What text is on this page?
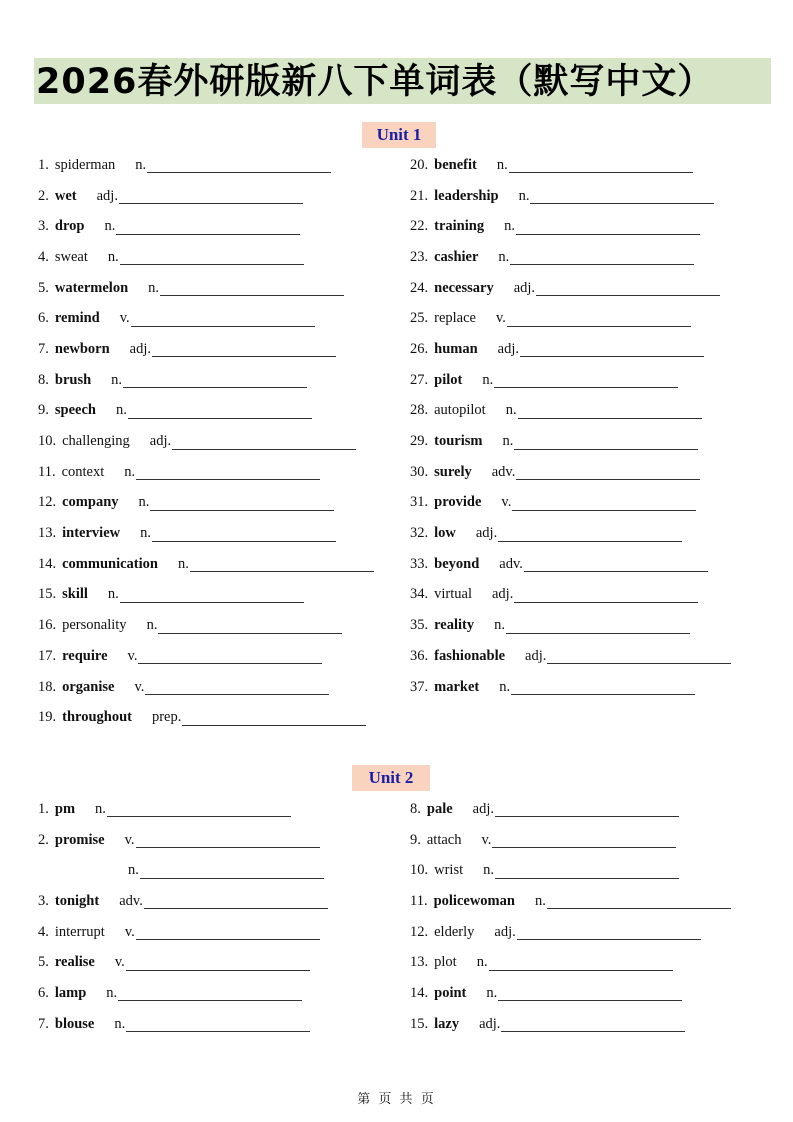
2026春外研版新八下单词表（默写中文）
Unit 1
1. spiderman n.
2. wet adj.
3. drop n.
4. sweat n.
5. watermelon n.
6. remind v.
7. newborn adj.
8. brush n.
9. speech n.
10. challenging adj.
11. context n.
12. company n.
13. interview n.
14. communication n.
15. skill n.
16. personality n.
17. require v.
18. organise v.
19. throughout prep.
20. benefit n.
21. leadership n.
22. training n.
23. cashier n.
24. necessary adj.
25. replace v.
26. human adj.
27. pilot n.
28. autopilot n.
29. tourism n.
30. surely adv.
31. provide v.
32. low adj.
33. beyond adv.
34. virtual adj.
35. reality n.
36. fashionable adj.
37. market n.
Unit 2
1. pm n.
2. promise v.
n.
3. tonight adv.
4. interrupt v.
5. realise v.
6. lamp n.
7. blouse n.
8. pale adj.
9. attach v.
10. wrist n.
11. policewoman n.
12. elderly adj.
13. plot n.
14. point n.
15. lazy adj.
第 页 共 页
